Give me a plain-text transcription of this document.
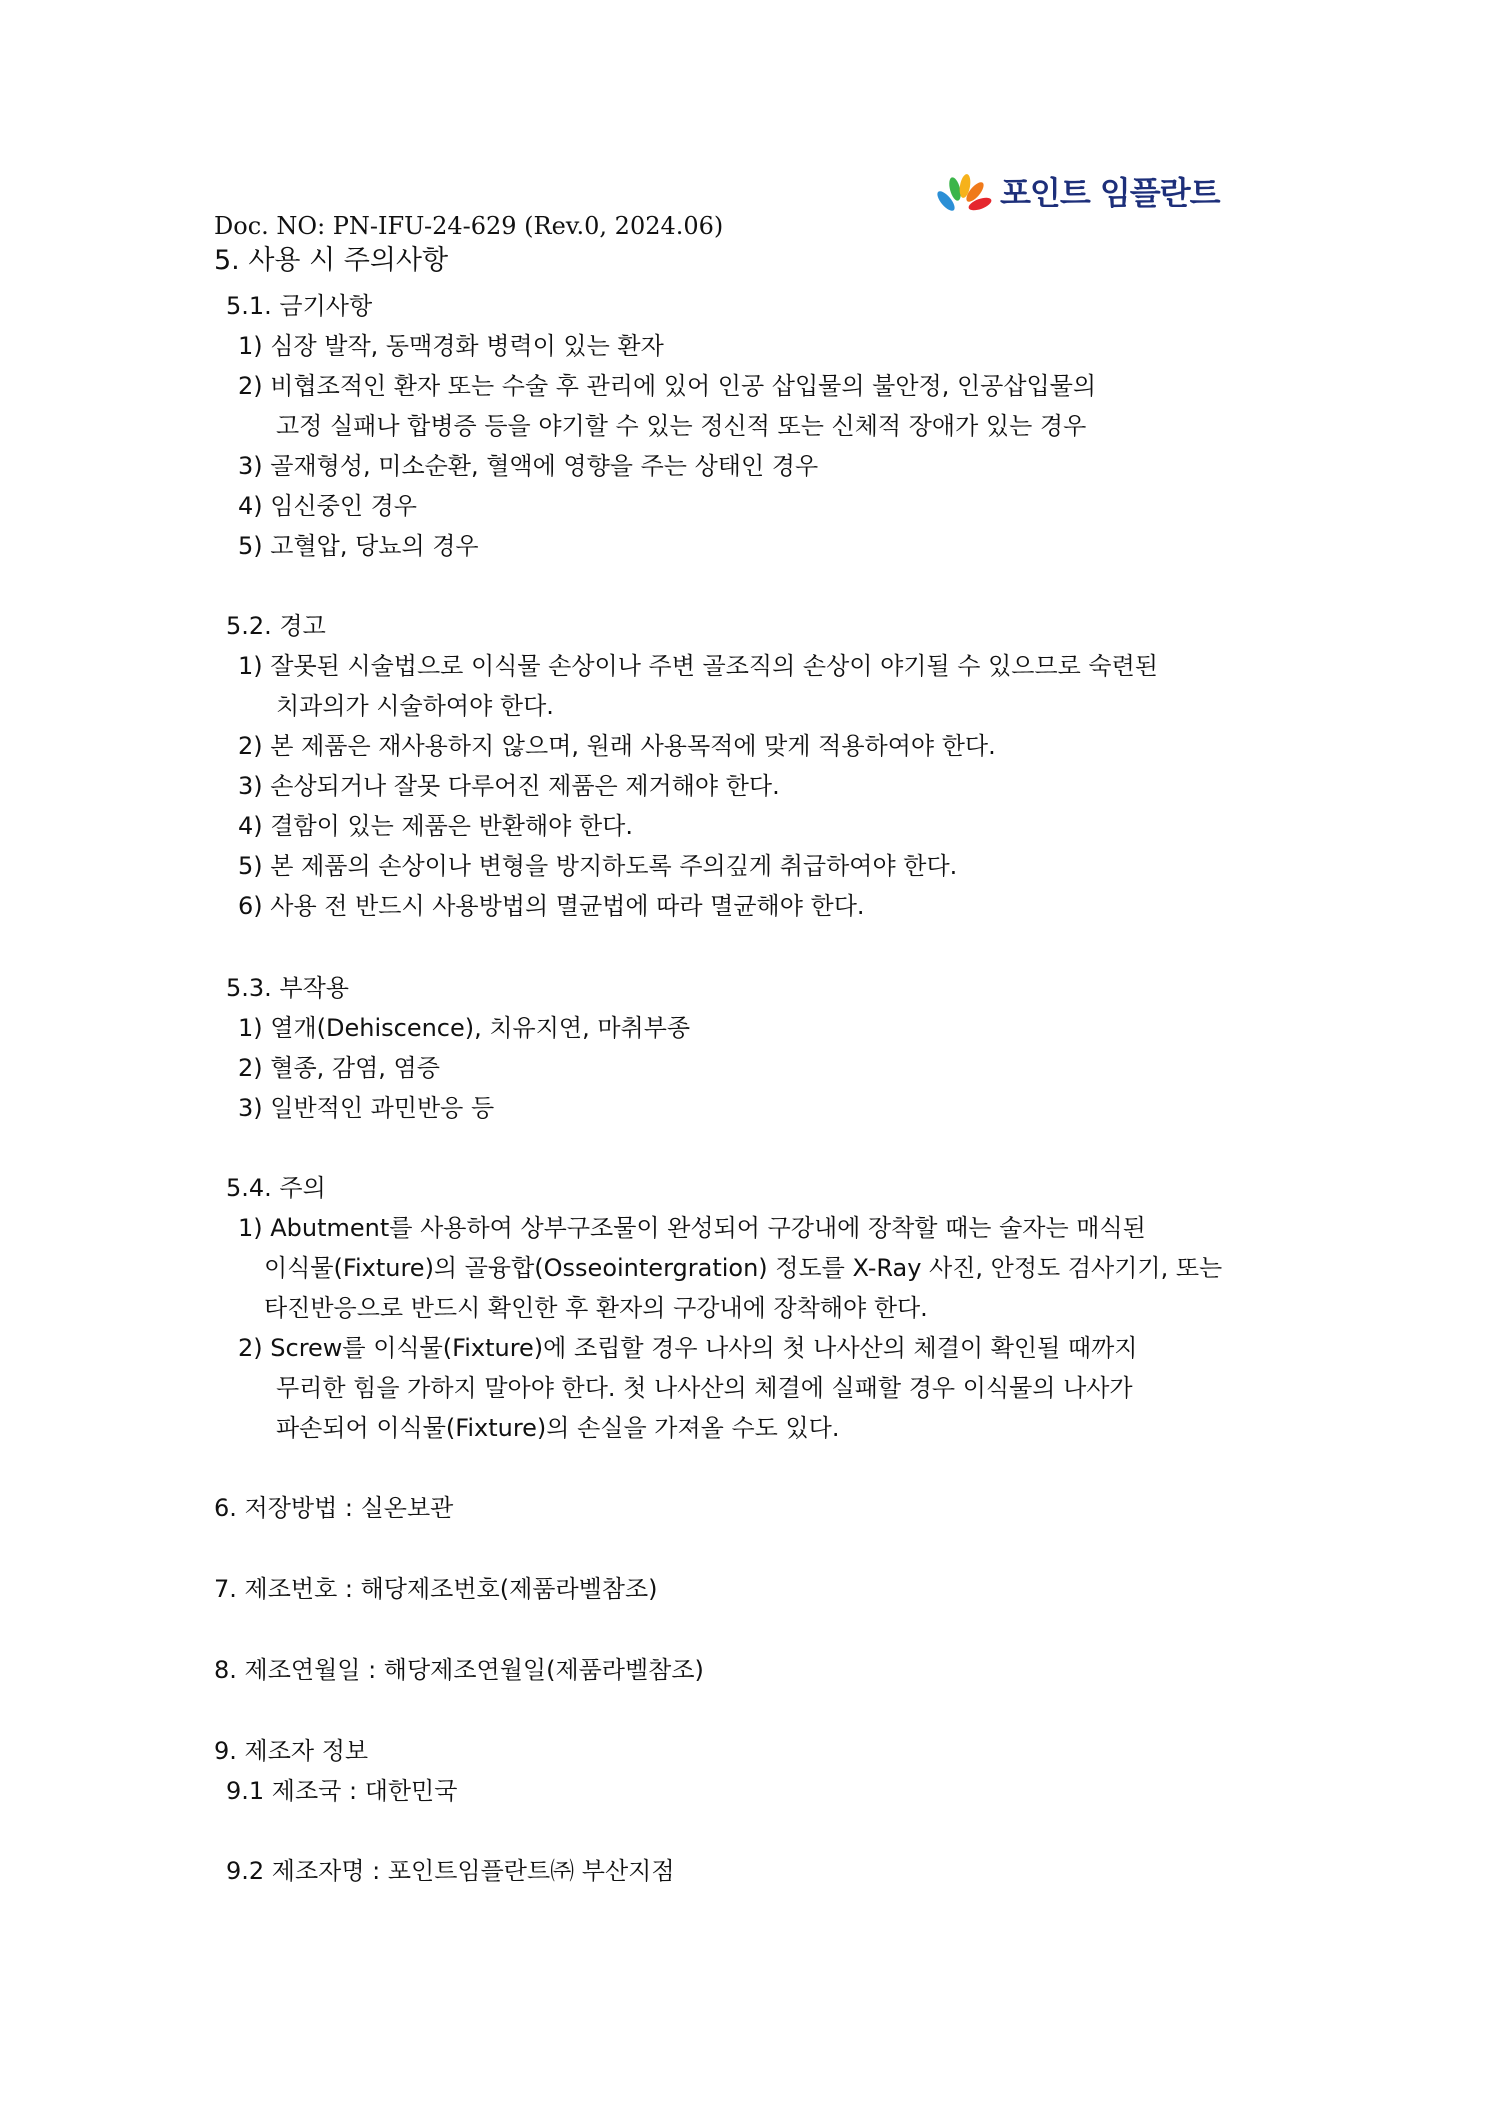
포인트 임플란트
Doc. NO: PN-IFU-24-629 (Rev.0, 2024.06)
5. 사용 시 주의사항
5.1. 금기사항
1) 심장 발작, 동맥경화 병력이 있는 환자
2) 비협조적인 환자 또는 수술 후 관리에 있어 인공 삽입물의 불안정, 인공삽입물의
고정 실패나 합병증 등을 야기할 수 있는 정신적 또는 신체적 장애가 있는 경우
3) 골재형성, 미소순환, 혈액에 영향을 주는 상태인 경우
4) 임신중인 경우
5) 고혈압, 당뇨의 경우
5.2. 경고
1) 잘못된 시술법으로 이식물 손상이나 주변 골조직의 손상이 야기될 수 있으므로 숙련된
치과의가 시술하여야 한다.
2) 본 제품은 재사용하지 않으며, 원래 사용목적에 맞게 적용하여야 한다.
3) 손상되거나 잘못 다루어진 제품은 제거해야 한다.
4) 결함이 있는 제품은 반환해야 한다.
5) 본 제품의 손상이나 변형을 방지하도록 주의깊게 취급하여야 한다.
6) 사용 전 반드시 사용방법의 멸균법에 따라 멸균해야 한다.
5.3. 부작용
1) 열개(Dehiscence), 치유지연, 마취부종
2) 혈종, 감염, 염증
3) 일반적인 과민반응 등
5.4. 주의
1) Abutment를 사용하여 상부구조물이 완성되어 구강내에 장착할 때는 술자는 매식된
이식물(Fixture)의 골융합(Osseointergration) 정도를 X-Ray 사진, 안정도 검사기기, 또는
타진반응으로 반드시 확인한 후 환자의 구강내에 장착해야 한다.
2) Screw를 이식물(Fixture)에 조립할 경우 나사의 첫 나사산의 체결이 확인될 때까지
무리한 힘을 가하지 말아야 한다. 첫 나사산의 체결에 실패할 경우 이식물의 나사가
파손되어 이식물(Fixture)의 손실을 가져올 수도 있다.
6. 저장방법 : 실온보관
7. 제조번호 : 해당제조번호(제품라벨참조)
8. 제조연월일 : 해당제조연월일(제품라벨참조)
9. 제조자 정보
9.1 제조국 : 대한민국
9.2 제조자명 : 포인트임플란트㈜ 부산지점
